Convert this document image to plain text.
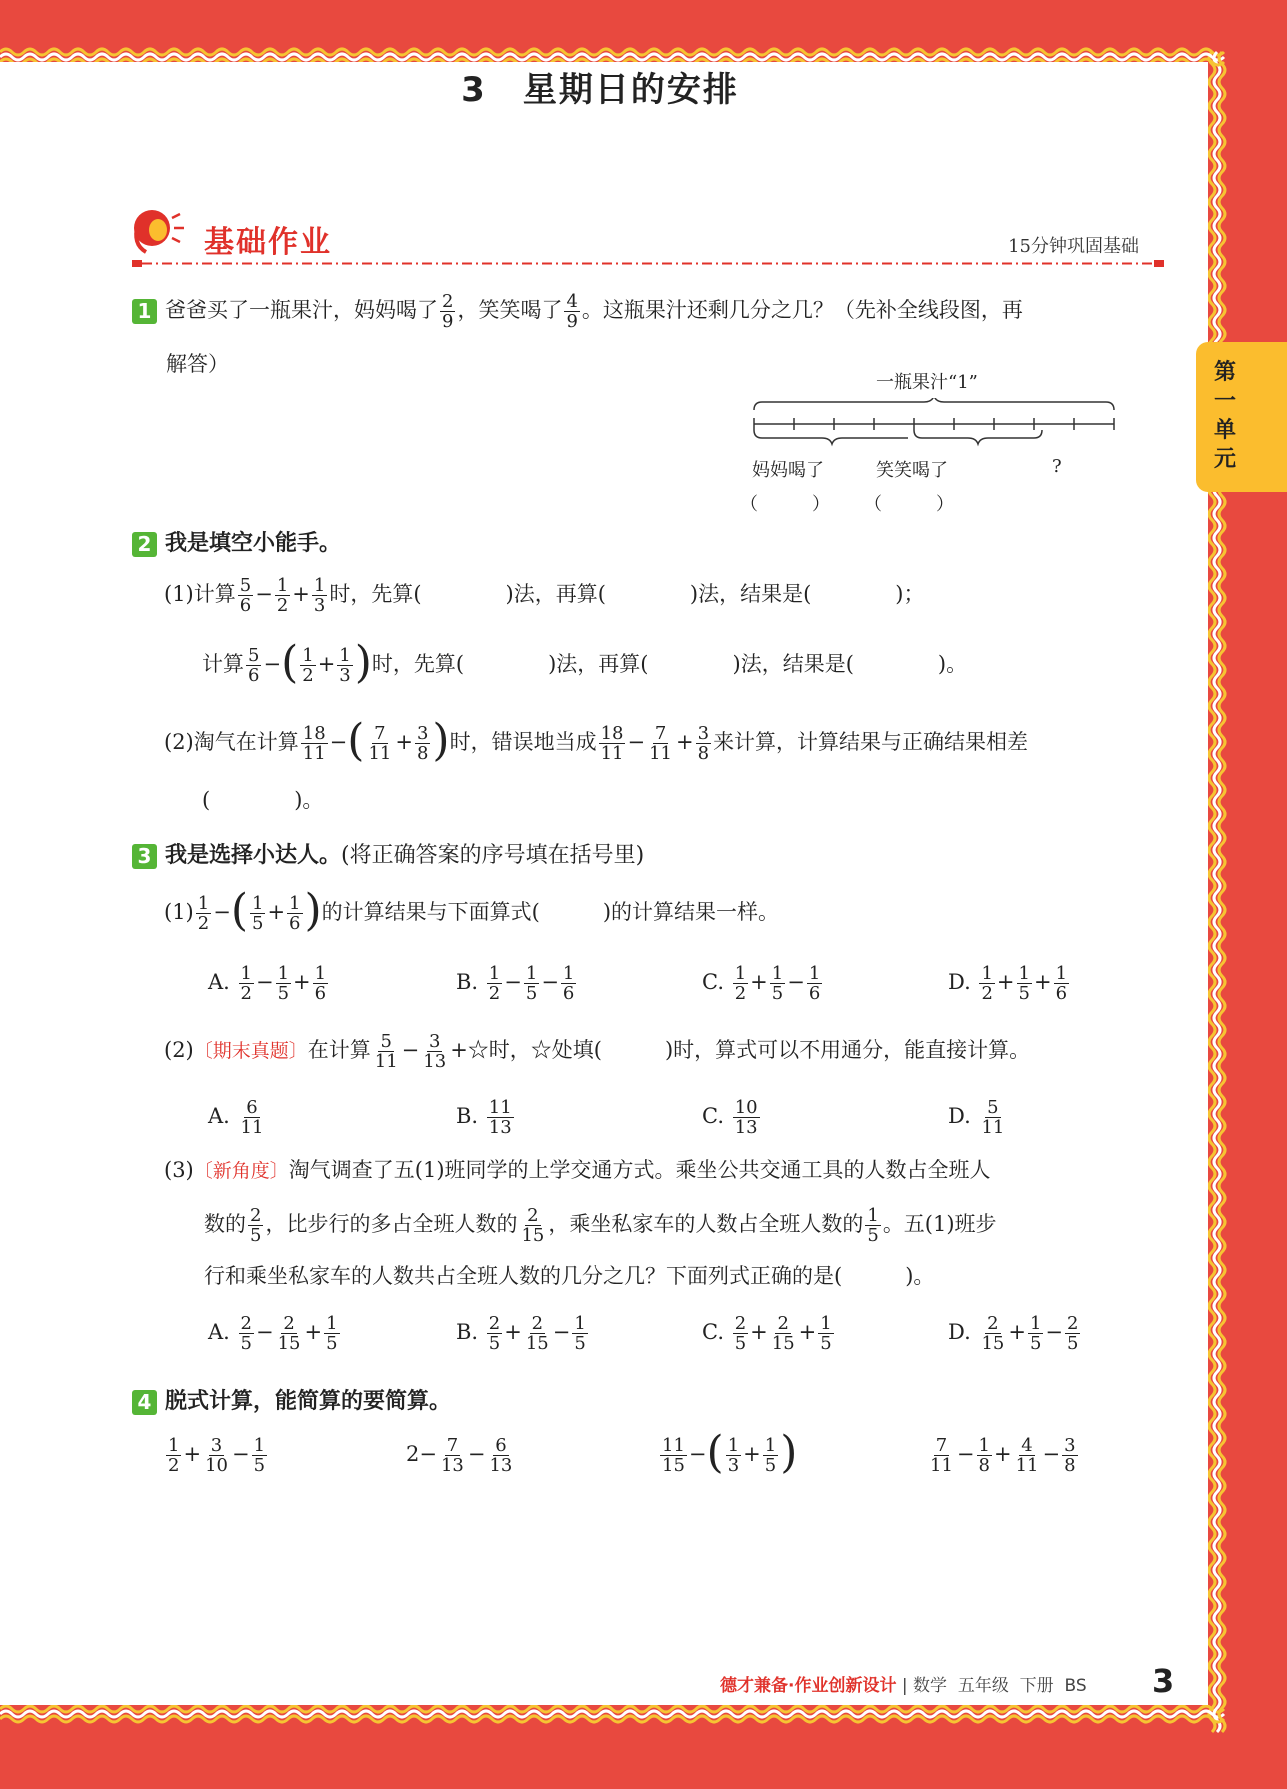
第一单元
3　星期日的安排
基础作业	15分钟巩固基础
1 爸爸买了一瓶果汁，妈妈喝了 $\frac{2}{9}$ ，笑笑喝了 $\frac{4}{9}$ 。这瓶果汁还剩几分之几？（先补全线段图，再
解答）
一瓶果汁“1”
妈妈喝了	笑笑喝了	?
（　　　） （　　　）
2 我是填空小能手。
(1)计算 $\frac{5}{6} - \frac{1}{2} + \frac{1}{3}$ 时，先算(　　　　)法，再算(　　　　)法，结果是(　　　　)；
计算 $\frac{5}{6}$ −( $\frac{1}{2} + \frac{1}{3}$ )时，先算(　　　　)法，再算(　　　　)法，结果是(　　　　)。
(2)淘气在计算 $\frac{18}{11}$ −( $\frac{7}{11} + \frac{3}{8}$ )时，错误地当成 $\frac{18}{11} - \frac{7}{11} + \frac{3}{8}$ 来计算，计算结果与正确结果相差
(　　　　)。
3 我是选择小达人。(将正确答案的序号填在括号里)
$(1) \frac{1}{2}$ −( $\frac{1}{5} + \frac{1}{6}$ )的计算结果与下面算式(　　　)的计算结果一样。
A. $\frac{1}{2} - \frac{1}{5} + \frac{1}{6}$	B. $\frac{1}{2} - \frac{1}{5} - \frac{1}{6}$	C. $\frac{1}{2} + \frac{1}{5} - \frac{1}{6}$	D. $\frac{1}{2} + \frac{1}{5} + \frac{1}{6}$
(2)〔期末真题〕在计算 $\frac{5}{11} - \frac{3}{13}$ +☆时，☆处填(　　　)时，算式可以不用通分，能直接计算。
A. $\frac{6}{11}$	B. $\frac{11}{13}$	C. $\frac{10}{13}$	D. $\frac{5}{11}$
(3)〔新角度〕淘气调查了五(1)班同学的上学交通方式。乘坐公共交通工具的人数占全班人
数的 $\frac{2}{5}$ ，比步行的多占全班人数的 $\frac{2}{15}$ ，乘坐私家车的人数占全班人数的 $\frac{1}{5}$ 。五(1)班步
行和乘坐私家车的人数共占全班人数的几分之几？下面列式正确的是(　　　)。
A. $\frac{2}{5} - \frac{2}{15} + \frac{1}{5}$	B. $\frac{2}{5} + \frac{2}{15} - \frac{1}{5}$	C. $\frac{2}{5} + \frac{2}{15} + \frac{1}{5}$	D. $\frac{2}{15} + \frac{1}{5} - \frac{2}{5}$
4 脱式计算，能简算的要简算。
$\frac{1}{2} + \frac{3}{10} - \frac{1}{5}$	$2- \frac{7}{13} - \frac{6}{13}$	$\frac{11}{15}$ −( $\frac{1}{3} + \frac{1}{5}$ )	$\frac{7}{11} - \frac{1}{8} + \frac{4}{11} - \frac{3}{8}$
德才兼备·作业创新设计 | 数学 五年级 下册 BS 3
